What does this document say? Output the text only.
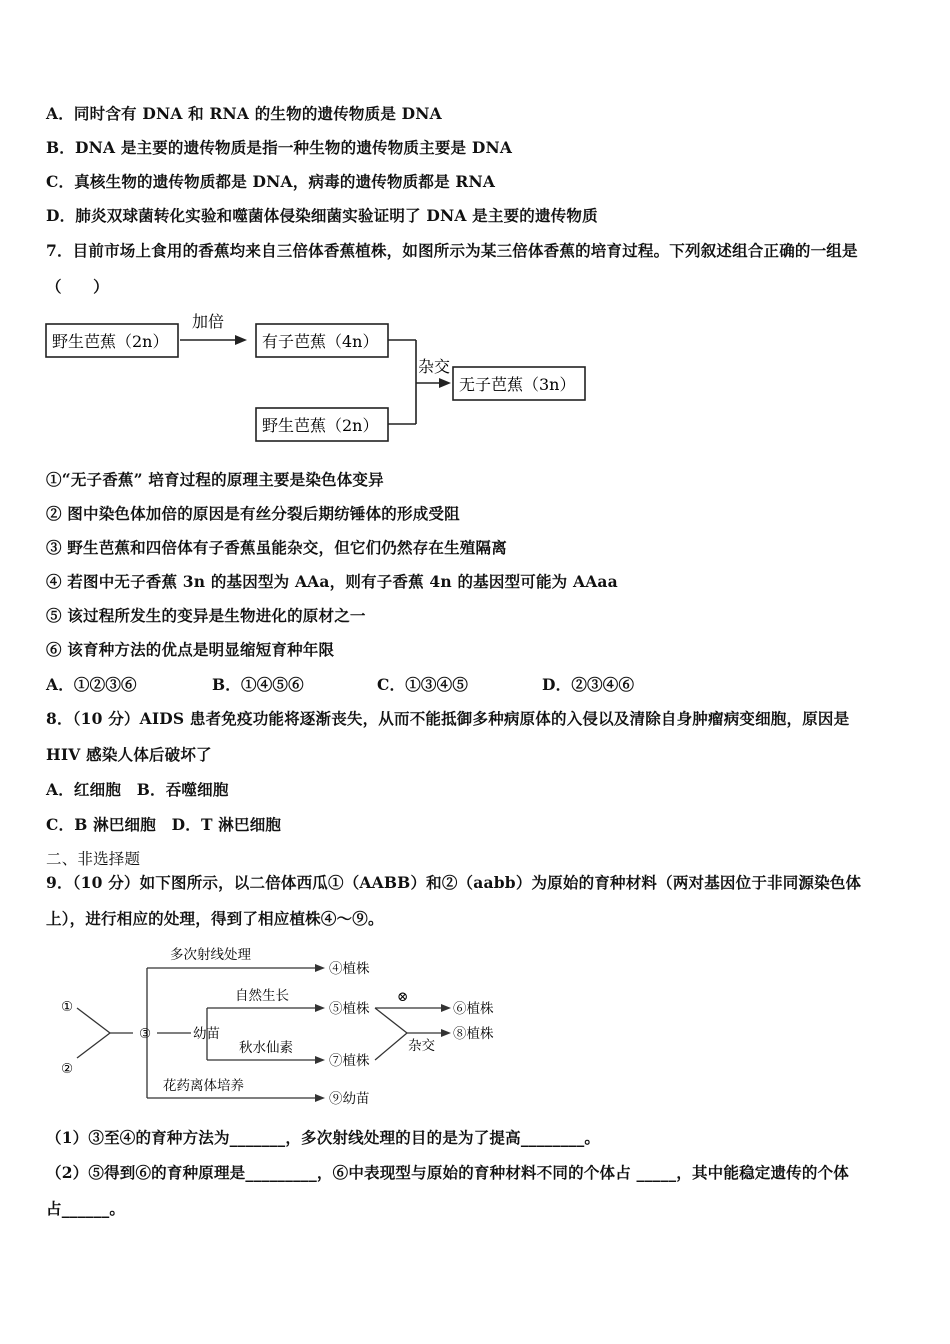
A．同时含有 DNA 和 RNA 的生物的遗传物质是 DNA
B．DNA 是主要的遗传物质是指一种生物的遗传物质主要是 DNA
C．真核生物的遗传物质都是 DNA，病毒的遗传物质都是 RNA
D．肺炎双球菌转化实验和噬菌体侵染细菌实验证明了 DNA 是主要的遗传物质
7．目前市场上食用的香蕉均来自三倍体香蕉植株，如图所示为某三倍体香蕉的培育过程。下列叙述组合正确的一组是
（　　）
野生芭蕉（2n）
加倍
有子芭蕉（4n）
野生芭蕉（2n）
杂交
无子芭蕉（3n）
①“无子香蕉” 培育过程的原理主要是染色体变异
② 图中染色体加倍的原因是有丝分裂后期纺锤体的形成受阻
③ 野生芭蕉和四倍体有子香蕉虽能杂交，但它们仍然存在生殖隔离
④ 若图中无子香蕉 3n 的基因型为 AAa，则有子香蕉 4n 的基因型可能为 AAaa
⑤ 该过程所发生的变异是生物进化的原材之一
⑥ 该育种方法的优点是明显缩短育种年限
A．①②③⑥	B．①④⑤⑥	C．①③④⑤	D．②③④⑥
8．（10 分）AIDS 患者免疫功能将逐渐丧失，从而不能抵御多种病原体的入侵以及清除自身肿瘤病变细胞，原因是
HIV 感染人体后破坏了
A．红细胞　B．吞噬细胞
C．B 淋巴细胞　D．T 淋巴细胞
二、非选择题
9．（10 分）如下图所示，以二倍体西瓜①（AABB）和②（aabb）为原始的育种材料（两对基因位于非同源染色体
上），进行相应的处理，得到了相应植株④～⑨。
①
②
③	幼苗
多次射线处理
④植株
自然生长
⑤植株
⊗
⑥植株
秋水仙素
⑦植株
杂交
⑧植株
花药离体培养
⑨幼苗
（1）③至④的育种方法为_______，多次射线处理的目的是为了提高________。
（2）⑤得到⑥的育种原理是_________，⑥中表现型与原始的育种材料不同的个体占 _____，其中能稳定遗传的个体
占______。
